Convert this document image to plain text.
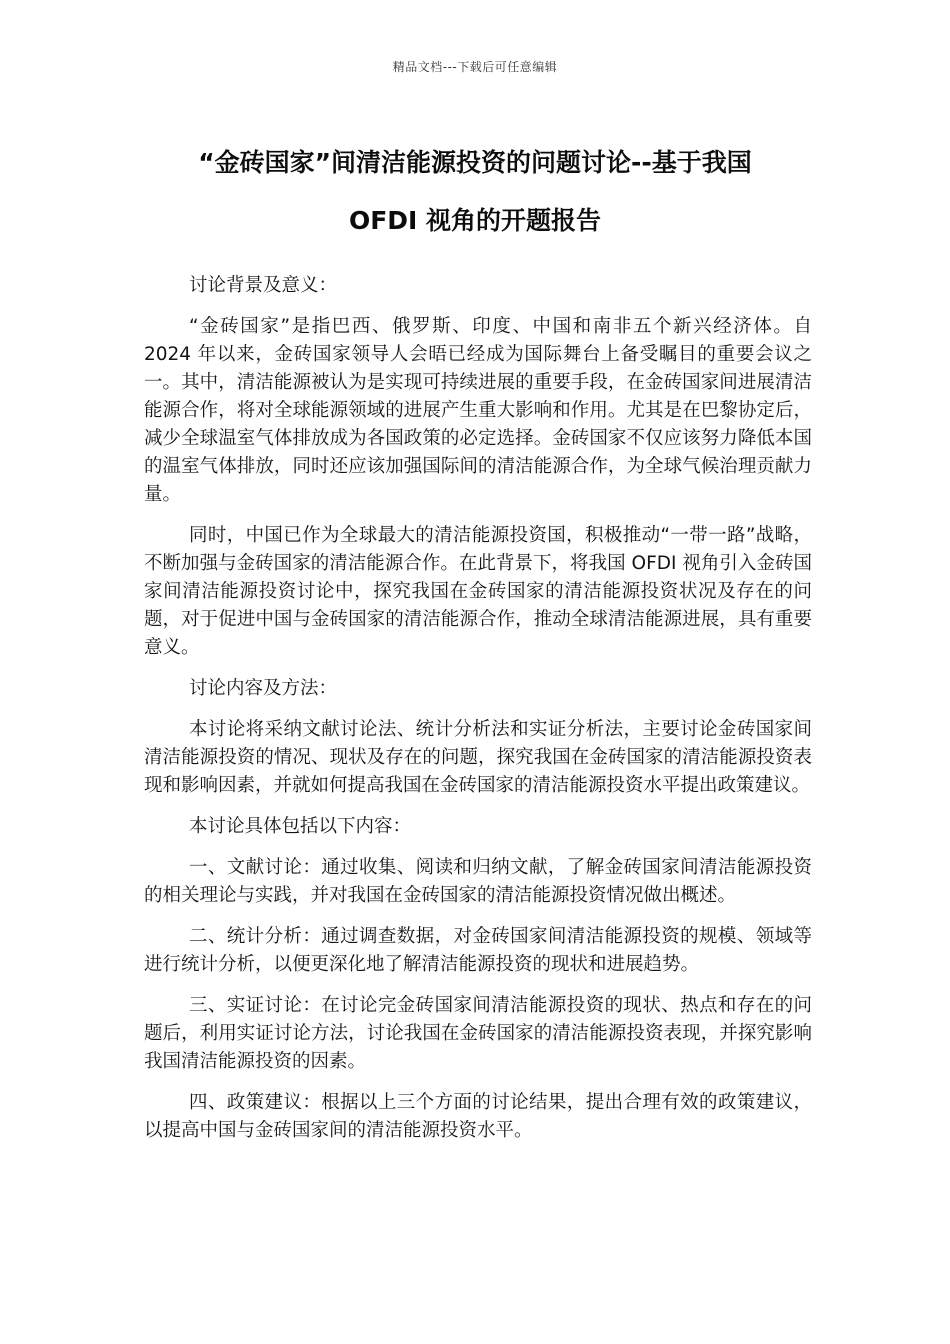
精品文档---下载后可任意编辑
“金砖国家”间清洁能源投资的问题讨论--基于我国
OFDI 视角的开题报告

讨论背景及意义：

“金砖国家”是指巴西、俄罗斯、印度、中国和南非五个新兴经济体。自 2024 年以来，金砖国家领导人会晤已经成为国际舞台上备受瞩目的重要会议之一。其中，清洁能源被认为是实现可持续进展的重要手段，在金砖国家间进展清洁能源合作，将对全球能源领域的进展产生重大影响和作用。尤其是在巴黎协定后，减少全球温室气体排放成为各国政策的必定选择。金砖国家不仅应该努力降低本国的温室气体排放，同时还应该加强国际间的清洁能源合作，为全球气候治理贡献力量。

同时，中国已作为全球最大的清洁能源投资国，积极推动“一带一路”战略，不断加强与金砖国家的清洁能源合作。在此背景下，将我国 OFDI 视角引入金砖国家间清洁能源投资讨论中，探究我国在金砖国家的清洁能源投资状况及存在的问题，对于促进中国与金砖国家的清洁能源合作，推动全球清洁能源进展，具有重要意义。

讨论内容及方法：

本讨论将采纳文献讨论法、统计分析法和实证分析法，主要讨论金砖国家间清洁能源投资的情况、现状及存在的问题，探究我国在金砖国家的清洁能源投资表现和影响因素，并就如何提高我国在金砖国家的清洁能源投资水平提出政策建议。

本讨论具体包括以下内容：

一、文献讨论：通过收集、阅读和归纳文献，了解金砖国家间清洁能源投资的相关理论与实践，并对我国在金砖国家的清洁能源投资情况做出概述。

二、统计分析：通过调查数据，对金砖国家间清洁能源投资的规模、领域等进行统计分析，以便更深化地了解清洁能源投资的现状和进展趋势。

三、实证讨论：在讨论完金砖国家间清洁能源投资的现状、热点和存在的问题后，利用实证讨论方法，讨论我国在金砖国家的清洁能源投资表现，并探究影响我国清洁能源投资的因素。

四、政策建议：根据以上三个方面的讨论结果，提出合理有效的政策建议，以提高中国与金砖国家间的清洁能源投资水平。
